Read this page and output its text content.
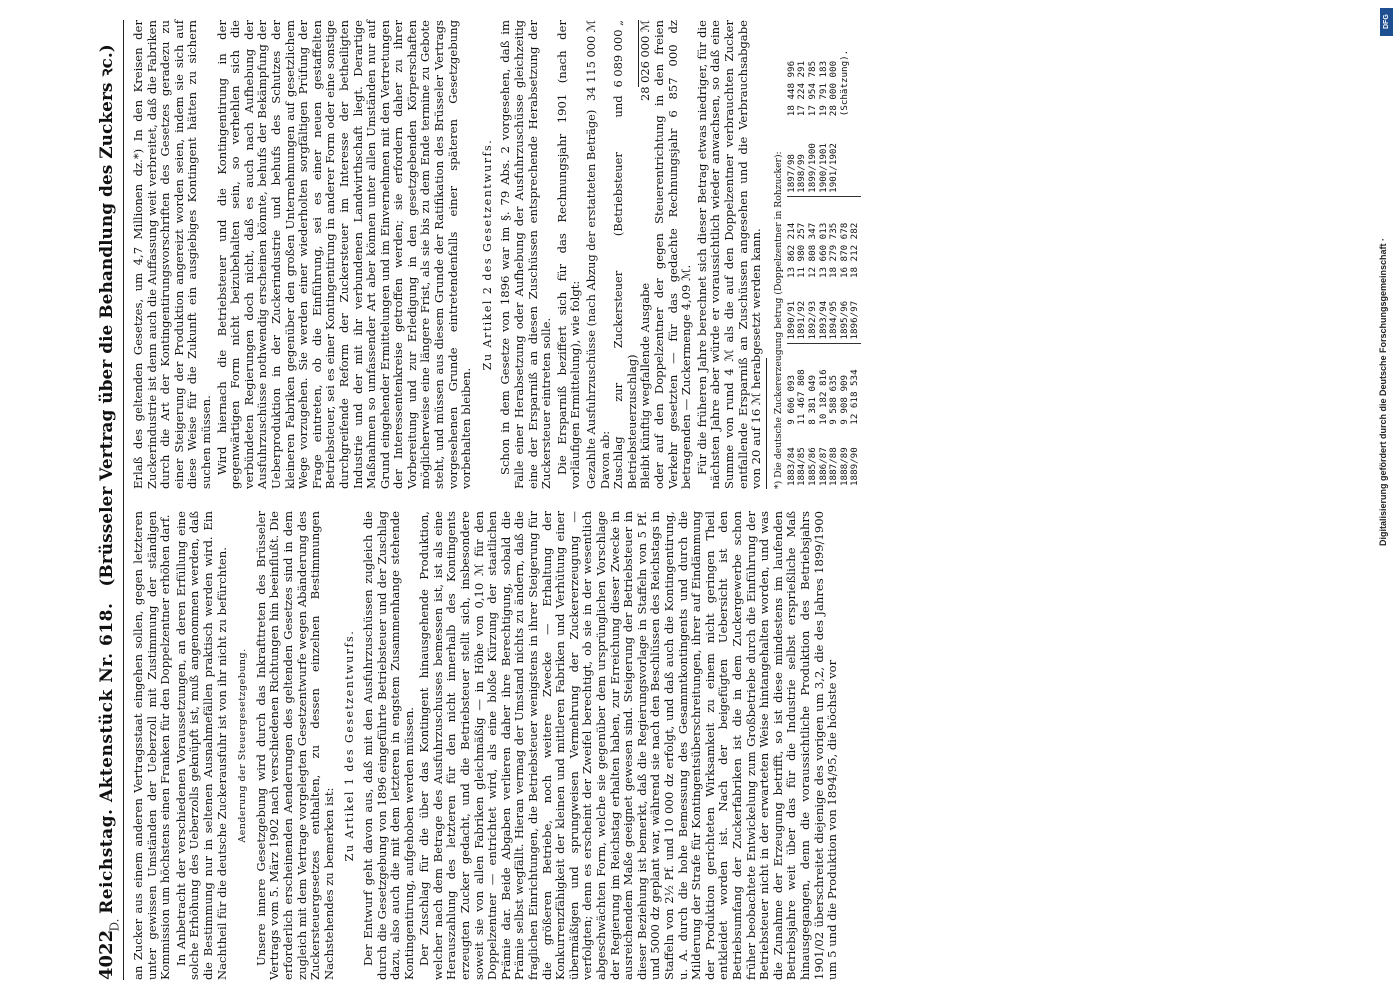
D.
4022
Reichstag. Aktenstück Nr. 618.
(Brüsseler Vertrag über die Behandlung des Zuckers ꝛc.)

an Zucker aus einem anderen Vertragsstaat eingehen sollen, gegen letzteren unter gewissen Umständen der Ueberzoll mit Zustimmung der ständigen Kommission um höchstens einen Franken für den Doppelzentner erhöhen darf. In Anbetracht der verschiedenen Voraussetzungen, an deren Erfüllung eine solche Erhöhung des Ueberzolls geknüpft ist, muß angenommen werden, daß die Bestimmung nur in seltenen Ausnahmefällen praktisch werden wird. Ein Nachtheil für die deutsche Zuckerausfuhr ist von ihr nicht zu befürchten. Aenderung der Steuergesetzgebung. Unsere innere Gesetzgebung wird durch das Inkrafttreten des Brüsseler Vertrags vom 5. März 1902 nach verschiedenen Richtungen hin beeinflußt. Die erforderlich erscheinenden Aenderungen des geltenden Gesetzes sind in dem zugleich mit dem Vertrage vorgelegten Gesetzentwurfe wegen Abänderung des Zuckersteuergesetzes enthalten, zu dessen einzelnen Bestimmungen Nachstehendes zu bemerken ist:

Zu Artikel 1 des Gesetzentwurfs. Der Entwurf geht davon aus, daß mit den Ausfuhrzuschüssen zugleich die durch die Gesetzgebung von 1896 eingeführte Betriebsteuer und der Zuschlag dazu, also auch die mit dem letzteren in engstem Zusammenhange stehende Kontingentirung, aufgehoben werden müssen. Der Zuschlag für die über das Kontingent hinausgehende Produktion, welcher nach dem Betrage des Ausfuhrzuschusses bemessen ist, ist als eine Herauszahlung des letzteren für den nicht innerhalb des Kontingents erzeugten Zucker gedacht, und die Betriebsteuer stellt sich, insbesondere soweit sie von allen Fabriken gleichmäßig — in Höhe von 0,10 ℳ für den Doppelzentner — entrichtet wird, als eine bloße Kürzung der staatlichen Prämie dar. Beide Abgaben verlieren daher ihre Berechtigung, sobald die Prämie selbst wegfällt. Hieran vermag der Umstand nichts zu ändern, daß die fraglichen Einrichtungen, die Betriebsteuer wenigstens in ihrer Steigerung für die größeren Betriebe, noch weitere Zwecke — Erhaltung der Konkurrenzfähigkeit der kleinen und mittleren Fabriken und Verhütung einer übermäßigen und sprungweisen Vermehrung der Zuckererzeugung — verfolgten; denn es erscheint der Zweifel berechtigt, ob sie in der wesentlich abgeschwächten Form, welche sie gegenüber dem ursprünglichen Vorschlage der Regierung im Reichstag erhalten haben, zur Erreichung dieser Zwecke in ausreichendem Maße geeignet gewesen sind. Steigerung der Betriebsteuer in dieser Beziehung ist bemerkt, daß die Regierungsvorlage in Staffeln von 5 Pf. und 5000 dz geplant war, während sie nach den Beschlüssen des Reichstags in Staffeln von 2½ Pf. und 10 000 dz erfolgt, und daß auch die Kontingentirung, u. A. durch die hohe Bemessung des Gesammtkontingents und durch die Milderung der Strafe für Kontingentsüberschreitungen, ihrer auf Eindämmung der Produktion gerichteten Wirksamkeit zu einem nicht geringen Theil entkleidet worden ist. Nach der beigefügten Uebersicht ist den Betriebsumfang der Zuckerfabriken ist die in dem Zuckergewerbe schon früher beobachtete Entwickelung zum Großbetriebe durch die Einführung der Betriebsteuer nicht in der erwarteten Weise hintangehalten worden, und was die Zunahme der Erzeugung betrifft, so ist diese mindestens im laufenden Betriebsjahre weit über das für die Industrie selbst ersprießliche Maß hinausgegangen, denn die voraussichtliche Produktion des Betriebsjahrs 1901/02 überschreitet diejenige des vorigen um 3,2, die des Jahres 1899/1900 um 5 und die Produktion von 1894/95, die höchste vor

Erlaß des geltenden Gesetzes, um 4,7 Millionen dz.*) In den Kreisen der Zuckerindustrie ist denn auch die Auffassung weit verbreitet, daß die Fabriken durch die Art der Kontingentirungsvorschriften des Gesetzes geradezu zu einer Steigerung der Produktion angereizt worden seien, indem sie sich auf diese Weise für die Zukunft ein ausgiebiges Kontingent hätten zu sichern suchen müssen. Wird hiernach die Betriebsteuer und die Kontingentirung in der gegenwärtigen Form nicht beizubehalten sein, so verhehlen sich die verbündeten Regierungen doch nicht, daß es auch nach Aufhebung der Ausfuhrzuschüsse nothwendig erscheinen könnte, behufs der Bekämpfung der Ueberproduktion in der Zuckerindustrie und behufs des Schutzes der kleineren Fabriken gegenüber den großen Unternehmungen auf gesetzlichem Wege vorzugehen. Sie werden einer wiederholten sorgfältigen Prüfung der Frage eintreten, ob die Einführung, sei es einer neuen gestaffelten Betriebsteuer, sei es einer Kontingentirung in anderer Form oder eine sonstige durchgreifende Reform der Zuckersteuer im Interesse der betheiligten Industrie und der mit ihr verbundenen Landwirthschaft liegt. Derartige Maßnahmen so umfassender Art aber können unter allen Umständen nur auf Grund eingehender Ermittelungen und im Einvernehmen mit den Vertretungen der Interessentenkreise getroffen werden; sie erfordern daher zu ihrer Vorbereitung und zur Erledigung in den gesetzgebenden Körperschaften möglicherweise eine längere Frist, als sie bis zu dem Ende termine zu Gebote steht, und müssen aus diesem Grunde der Ratifikation des Brüsseler Vertrags vorgesehenen Grunde eintretendenfalls einer späteren Gesetzgebung vorbehalten bleiben.

Zu Artikel 2 des Gesetzentwurfs. Schon in dem Gesetze von 1896 war im §. 79 Abs. 2 vorgesehen, daß im Falle einer Herabsetzung oder Aufhebung der Ausfuhrzuschüsse gleichzeitig eine der Ersparniß an diesen Zuschüssen entsprechende Herabsetzung der Zuckersteuer eintreten solle. Die Ersparniß beziffert sich für das Rechnungsjahr 1901 (nach der vorläufigen Ermittelung), wie folgt: Gezahlte Ausfuhrzuschüsse (nach Abzug der erstatteten Beträge)
34 115 000 ℳ
Davon ab: Zuschlag zur Zuckersteuer (Betriebsteuer und Betriebsteuerzuschlag)
6 089 000 „
Bleibt künftig wegfallende Ausgabe
28 026 000 ℳ oder auf den Doppelzentner der gegen Steuerentrichtung in den freien Verkehr gesetzten — für das gedachte Rechnungsjahr 6 857 000 dz betragenden — Zuckermenge 4,09 ℳ. Für die früheren Jahre berechnet sich dieser Betrag etwas niedriger, für die nächsten Jahre aber würde er voraussichtlich wieder anwachsen, so daß eine Summe von rund 4 ℳ als die auf den Doppelzentner verbrauchten Zucker entfallende Ersparniß an Zuschüssen angesehen und die Verbrauchsabgabe von 20 auf 16 ℳ herabgesetzt werden kann. *) Die deutsche Zuckererzeugung betrug (Doppelzentner in Rohzucker): 1883/84	9 606 093	1890/91	13 862 214	1897/98	18 448 996
1884/85	11 467 808	1891/92	11 980 257	1898/99	17 224 291
1885/86	8 381 049	1892/93	12 808 347	1899/1900	17 954 785
1886/87	10 182 816	1893/94	13 660 013	1900/1901	19 791 183
1887/88	9 588 635	1894/95	18 279 735	1901/1902	28 000 000
1888/89	9 908 909	1895/96	16 870 678		(Schätzung).
1889/90	12 618 534	1896/97	18 212 282			Digitalisierung gefördert durch die Deutsche Forschungsgemeinschaft ·
DFG
